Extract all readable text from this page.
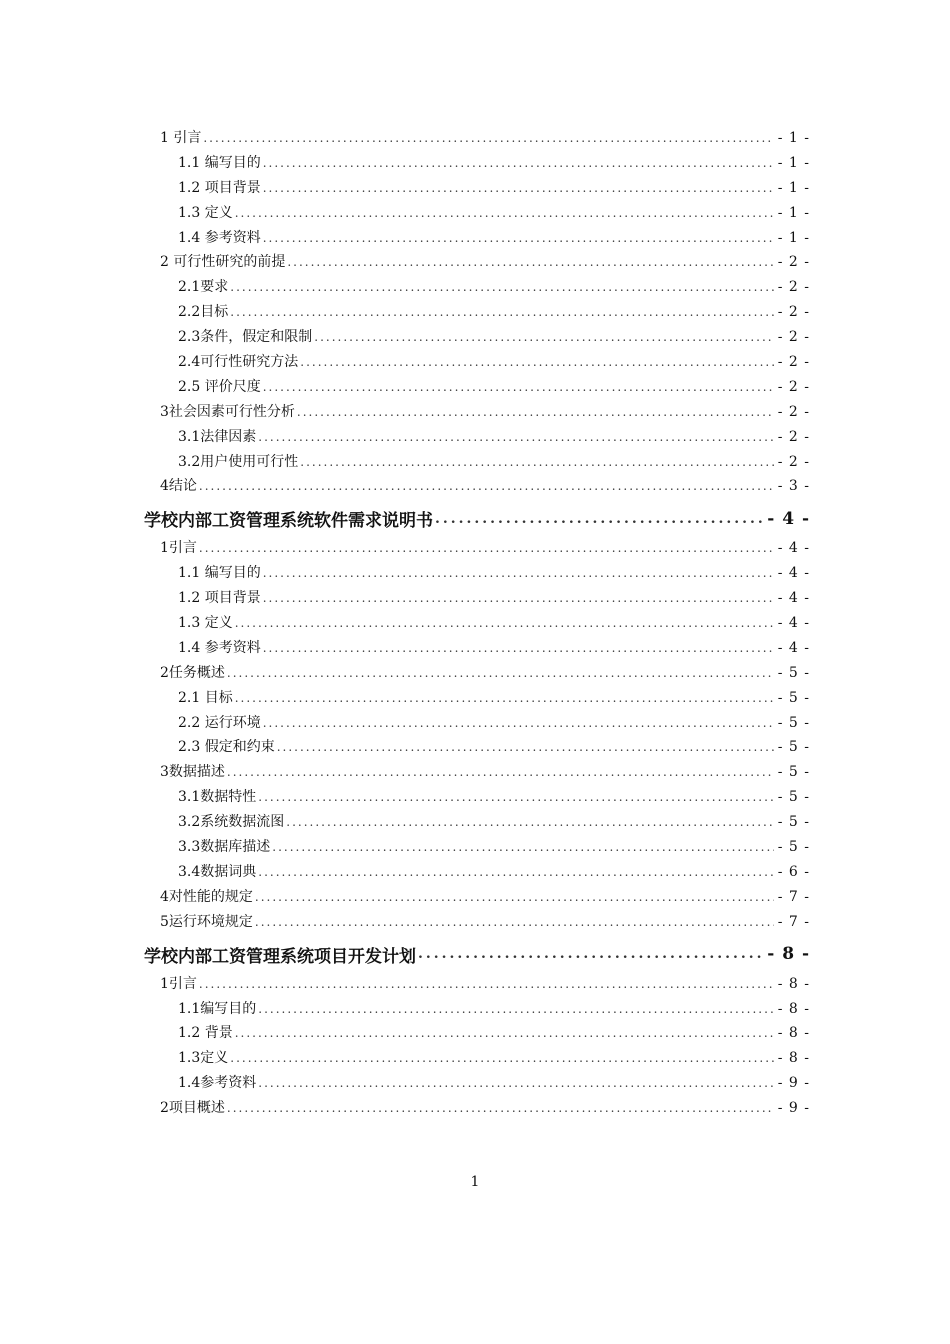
1 引言 .....	- 1 -
1.1 编写目的 .....	- 1 -
1.2 项目背景 .....	- 1 -
1.3 定义 .....	- 1 -
1.4 参考资料 .....	- 1 -
2 可行性研究的前提 .....	- 2 -
2.1要求 .....	- 2 -
2.2目标 .....	- 2 -
2.3条件，假定和限制 .....	- 2 -
2.4可行性研究方法 .....	- 2 -
2.5 评价尺度 .....	- 2 -
3社会因素可行性分析 .....	- 2 -
3.1法律因素 .....	- 2 -
3.2用户使用可行性 .....	- 2 -
4结论 .....	- 3 -
学校内部工资管理系统软件需求说明书 .....	- 4 -
1引言 .....	- 4 -
1.1 编写目的 .....	- 4 -
1.2 项目背景 .....	- 4 -
1.3 定义 .....	- 4 -
1.4 参考资料 .....	- 4 -
2任务概述 .....	- 5 -
2.1 目标 .....	- 5 -
2.2 运行环境 .....	- 5 -
2.3 假定和约束 .....	- 5 -
3数据描述 .....	- 5 -
3.1数据特性 .....	- 5 -
3.2系统数据流图 .....	- 5 -
3.3数据库描述 .....	- 5 -
3.4数据词典 .....	- 6 -
4对性能的规定 .....	- 7 -
5运行环境规定 .....	- 7 -
学校内部工资管理系统项目开发计划 .....	- 8 -
1引言 .....	- 8 -
1.1编写目的 .....	- 8 -
1.2 背景 .....	- 8 -
1.3定义 .....	- 8 -
1.4参考资料 .....	- 9 -
2项目概述 .....	- 9 -
1
